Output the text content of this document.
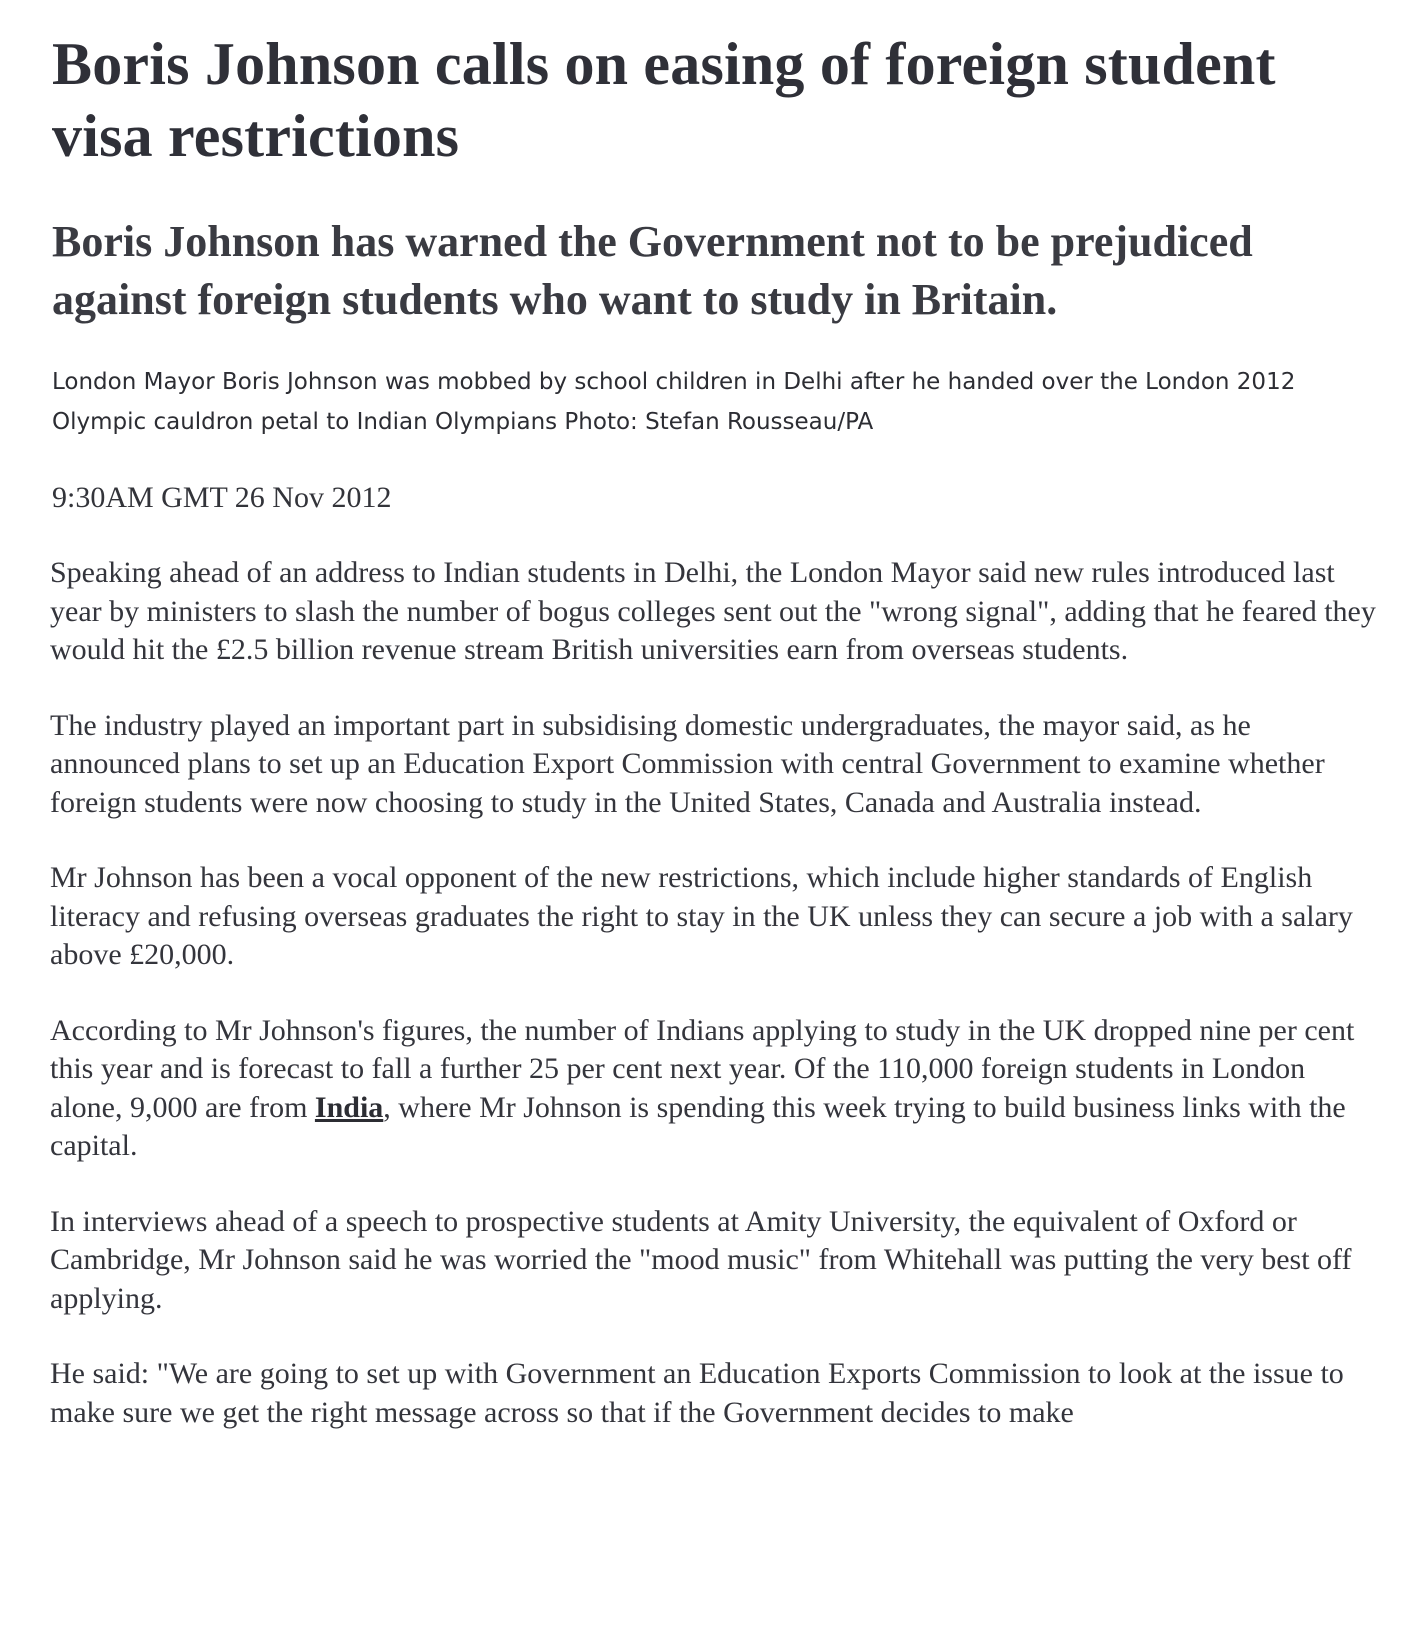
Boris Johnson calls on easing of foreign student visa restrictions
Boris Johnson has warned the Government not to be prejudiced against foreign students who want to study in Britain.

London Mayor Boris Johnson was mobbed by school children in Delhi after he handed over the London 2012 Olympic cauldron petal to Indian Olympians Photo: Stefan Rousseau/PA

9:30AM GMT 26 Nov 2012

Speaking ahead of an address to Indian students in Delhi, the London Mayor said new rules introduced last year by ministers to slash the number of bogus colleges sent out the "wrong signal", adding that he feared they would hit the £2.5 billion revenue stream British universities earn from overseas students.

The industry played an important part in subsidising domestic undergraduates, the mayor said, as he announced plans to set up an Education Export Commission with central Government to examine whether foreign students were now choosing to study in the United States, Canada and Australia instead.

Mr Johnson has been a vocal opponent of the new restrictions, which include higher standards of English literacy and refusing overseas graduates the right to stay in the UK unless they can secure a job with a salary above £20,000.

According to Mr Johnson's figures, the number of Indians applying to study in the UK dropped nine per cent this year and is forecast to fall a further 25 per cent next year. Of the 110,000 foreign students in London alone, 9,000 are from India, where Mr Johnson is spending this week trying to build business links with the capital.

In interviews ahead of a speech to prospective students at Amity University, the equivalent of Oxford or Cambridge, Mr Johnson said he was worried the "mood music" from Whitehall was putting the very best off applying.

He said: "We are going to set up with Government an Education Exports Commission to look at the issue to make sure we get the right message across so that if the Government decides to make
